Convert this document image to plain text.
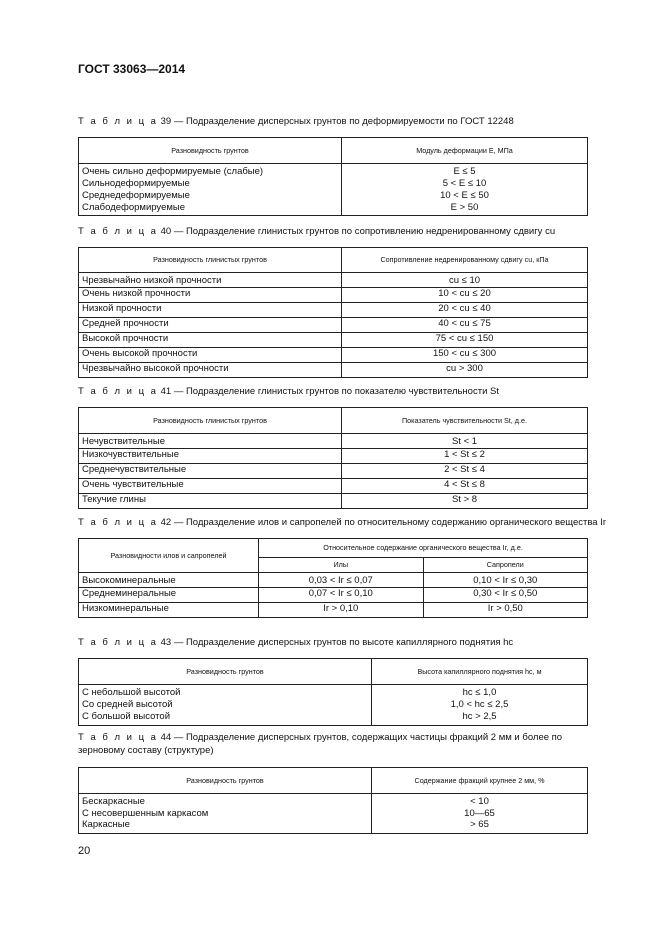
ГОСТ 33063—2014
Т а б л и ц а 39 — Подразделение дисперсных грунтов по деформируемости по ГОСТ 12248
Разновидность грунтов	Модуль деформации E, МПа
Очень сильно деформируемые (слабые)	E ≤ 5
Сильнодеформируемые	5 < E ≤ 10
Среднедеформируемые	10 < E ≤ 50
Слабодеформируемые	E > 50
Т а б л и ц а 40 — Подразделение глинистых грунтов по сопротивлению недренированному сдвигу cu
Разновидность глинистых грунтов	Сопротивление недренированному сдвигу cu, кПа
Чрезвычайно низкой прочности	cu ≤ 10
Очень низкой прочности	10 < cu ≤ 20
Низкой прочности	20 < cu ≤ 40
Средней прочности	40 < cu ≤ 75
Высокой прочности	75 < cu ≤ 150
Очень высокой прочности	150 < cu ≤ 300
Чрезвычайно высокой прочности	cu > 300
Т а б л и ц а 41 — Подразделение глинистых грунтов по показателю чувствительности St
Разновидность глинистых грунтов	Показатель чувствительности St, д.е.
Нечувствительные	St < 1
Низкочувствительные	1 < St ≤ 2
Среднечувствительные	2 < St ≤ 4
Очень чувствительные	4 < St ≤ 8
Текучие глины	St > 8
Т а б л и ц а 42 — Подразделение илов и сапропелей по относительному содержанию органического вещества Ir
Разновидности илов и сапропелей	Относительное содержание органического вещества Ir, д.е.	
	Илы	Сапропели
Высокоминеральные	0,03 < Ir ≤ 0,07	0,10 < Ir ≤ 0,30
Среднеминеральные	0,07 < Ir ≤ 0,10	0,30 < Ir ≤ 0,50
Низкоминеральные	Ir > 0,10	Ir > 0,50
Т а б л и ц а 43 — Подразделение дисперсных грунтов по высоте капиллярного поднятия hc
Разновидность грунтов	Высота капиллярного поднятия hc, м
С небольшой высотой	hc ≤ 1,0
Со средней высотой	1,0 < hc ≤ 2,5
С большой высотой	hc > 2,5
Т а б л и ц а 44 — Подразделение дисперсных грунтов, содержащих частицы фракций 2 мм и более по зерновому составу (структуре)
Разновидность грунтов	Содержание фракций крупнее 2 мм, %
Бескаркасные	< 10
С несовершенным каркасом	10—65
Каркасные	> 65
20
